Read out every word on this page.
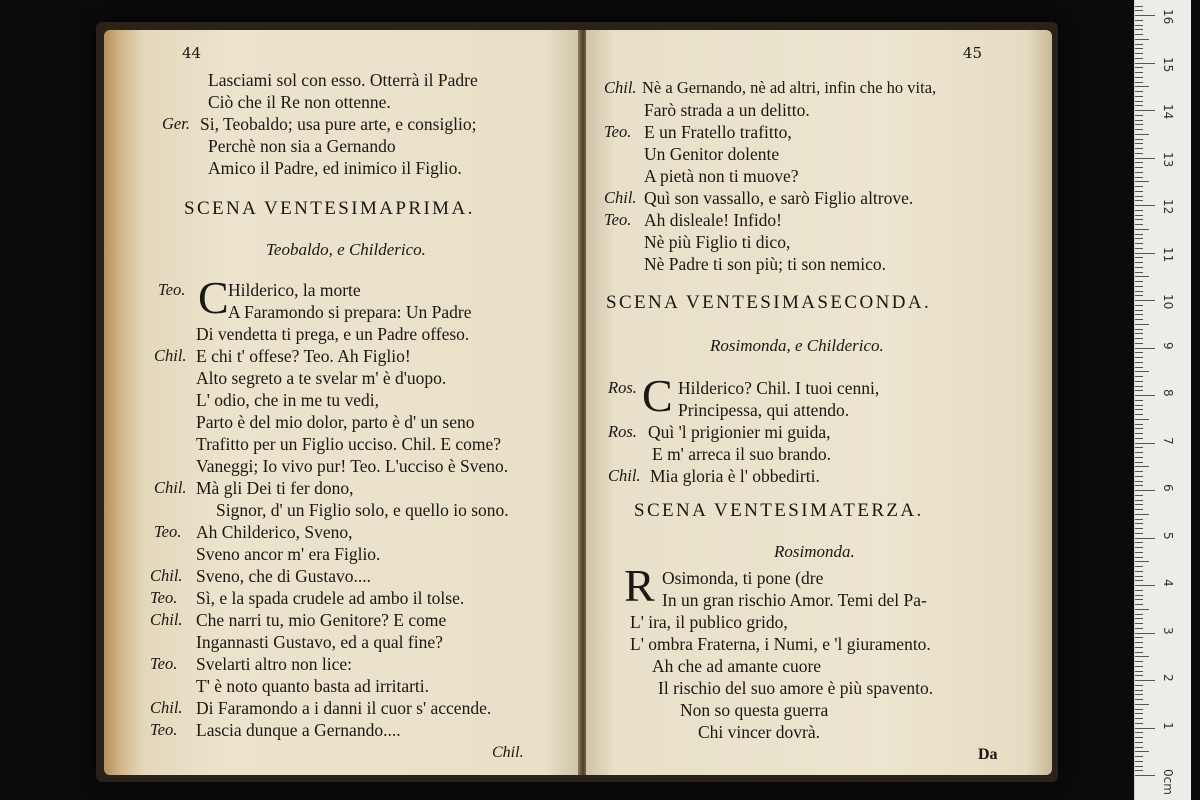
44
Lasciami sol con esso. Otterrà il Padre
Ciò che il Re non ottenne.
Ger. Si, Teobaldo; usa pure arte, e consiglio;
Perchè non sia a Gernando
Amico il Padre, ed inimico il Figlio.
SCENA VENTESIMAPRIMA.
Teobaldo, e Childerico.
Teo. C Hilderico, la morte
A Faramondo si prepara: Un Padre
Di vendetta ti prega, e un Padre offeso.
Chil. E chi t' offese? Teo. Ah Figlio!
Alto segreto a te svelar m' è d'uopo.
L' odio, che in me tu vedi,
Parto è del mio dolor, parto è d' un seno
Trafitto per un Figlio ucciso. Chil. E come?
Vaneggi; Io vivo pur! Teo. L'ucciso è Sveno.
Chil. Mà gli Dei ti fer dono,
Signor, d' un Figlio solo, e quello io sono.
Teo. Ah Childerico, Sveno,
Sveno ancor m' era Figlio.
Chil. Sveno, che di Gustavo....
Teo. Sì, e la spada crudele ad ambo il tolse.
Chil. Che narri tu, mio Genitore? E come
Ingannasti Gustavo, ed a qual fine?
Teo. Svelarti altro non lice:
T' è noto quanto basta ad irritarti.
Chil. Di Faramondo a i danni il cuor s' accende.
Teo. Lascia dunque a Gernando....
Chil.
45
Chil. Nè a Gernando, nè ad altri, infin che ho vita,
Farò strada a un delitto.
Teo. E un Fratello trafitto,
Un Genitor dolente
A pietà non ti muove?
Chil. Quì son vassallo, e sarò Figlio altrove.
Teo. Ah disleale! Infido!
Nè più Figlio ti dico,
Nè Padre ti son più; ti son nemico.
SCENA VENTESIMASECONDA.
Rosimonda, e Childerico.
Ros. C Hilderico? Chil. I tuoi cenni,
Principessa, qui attendo.
Ros. Quì 'l prigionier mi guida,
E m' arreca il suo brando.
Chil. Mia gloria è l' obbedirti.
SCENA VENTESIMATERZA.
Rosimonda.
R Osimonda, ti pone (dre
In un gran rischio Amor. Temi del Pa-
L' ira, il publico grido,
L' ombra Fraterna, i Numi, e 'l giuramento.
Ah che ad amante cuore
Il rischio del suo amore è più spavento.
Non so questa guerra
Chi vincer dovrà.
Da
0cm
1
2
3
4
5
6
7
8
9
10
11
12
13
14
15
16
